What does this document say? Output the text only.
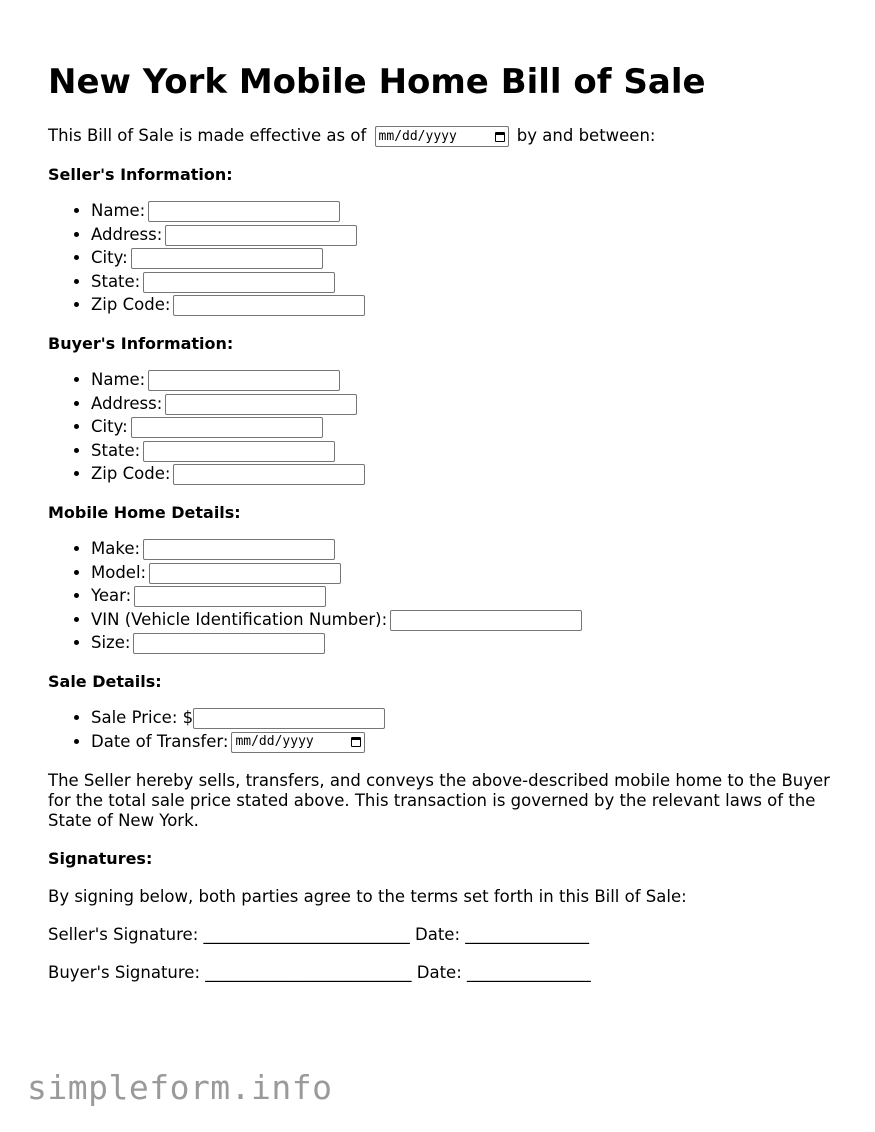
New York Mobile Home Bill of Sale

This Bill of Sale is made effective as of mm/dd/yyyy	by and between:

Seller's Information:
• Name:
• Address:
• City:
• State:
• Zip Code:
Buyer's Information:
• Name:
• Address:
• City:
• State:
• Zip Code:
Mobile Home Details:
• Make:
• Model:
• Year:
• VIN (Vehicle Identification Number):
• Size:
Sale Details:
• Sale Price: $
• Date of Transfer: mm/dd/yyyy

The Seller hereby sells, transfers, and conveys the above-described mobile home to the Buyer for the total sale price stated above. This transaction is governed by the relevant laws of the State of New York.

Signatures:

By signing below, both parties agree to the terms set forth in this Bill of Sale:

Seller's Signature: _________________________ Date: _______________

Buyer's Signature: _________________________ Date: _______________

simpleform.info
